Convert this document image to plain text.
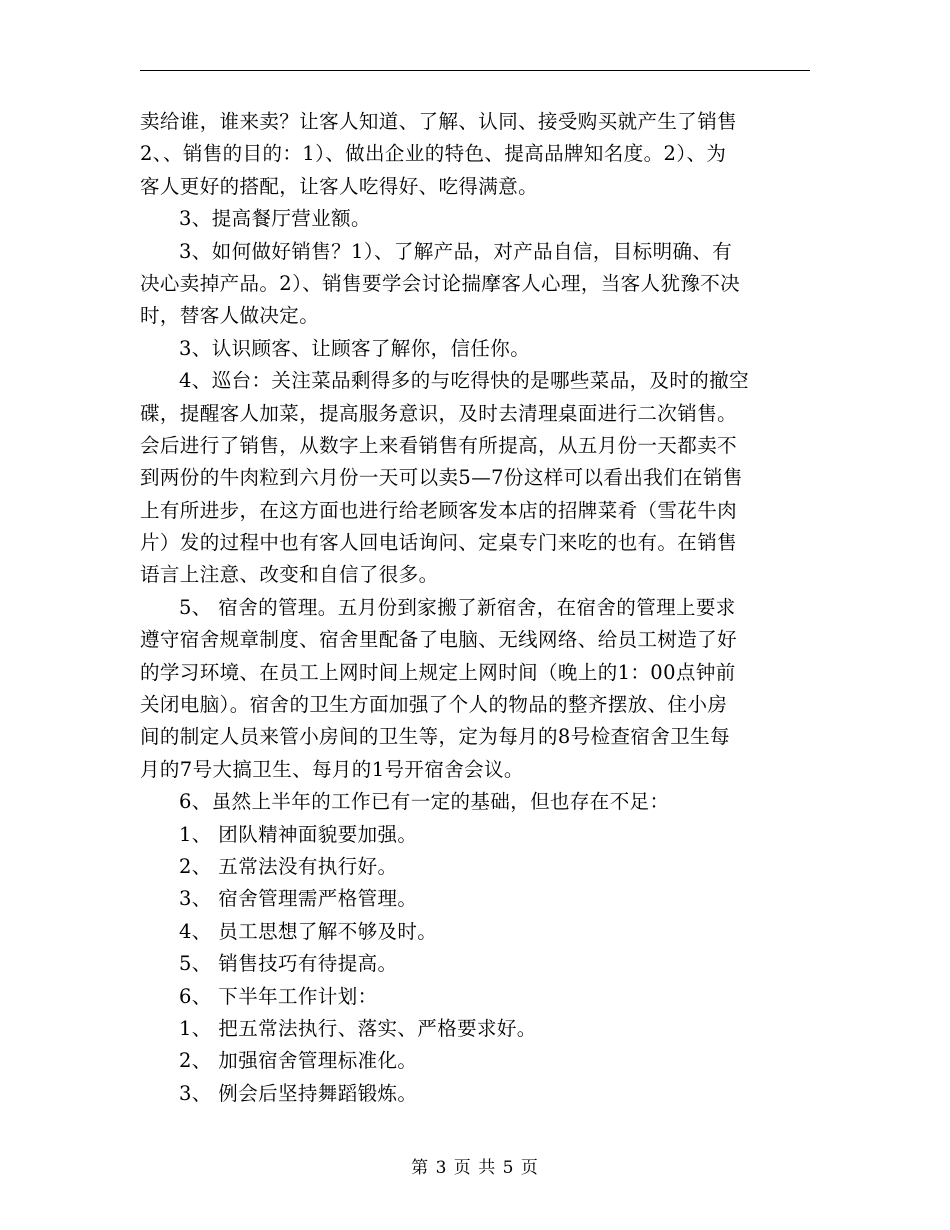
卖给谁，谁来卖？让客人知道、了解、认同、接受购买就产生了销售
2、、销售的目的：1）、做出企业的特色、提高品牌知名度。2）、为
客人更好的搭配，让客人吃得好、吃得满意。
3、提高餐厅营业额。
3、如何做好销售？1）、了解产品，对产品自信，目标明确、有
决心卖掉产品。2）、销售要学会讨论揣摩客人心理，当客人犹豫不决
时，替客人做决定。
3、认识顾客、让顾客了解你，信任你。
4、巡台：关注菜品剩得多的与吃得快的是哪些菜品，及时的撤空
碟，提醒客人加菜，提高服务意识，及时去清理桌面进行二次销售。
会后进行了销售，从数字上来看销售有所提高，从五月份一天都卖不
到两份的牛肉粒到六月份一天可以卖5—7份这样可以看出我们在销售
上有所进步，在这方面也进行给老顾客发本店的招牌菜肴（雪花牛肉
片）发的过程中也有客人回电话询问、定桌专门来吃的也有。在销售
语言上注意、改变和自信了很多。
5、 宿舍的管理。五月份到家搬了新宿舍，在宿舍的管理上要求
遵守宿舍规章制度、宿舍里配备了电脑、无线网络、给员工树造了好
的学习环境、在员工上网时间上规定上网时间（晚上的1：00点钟前
关闭电脑）。宿舍的卫生方面加强了个人的物品的整齐摆放、住小房
间的制定人员来管小房间的卫生等，定为每月的8号检查宿舍卫生每
月的7号大搞卫生、每月的1号开宿舍会议。
6、虽然上半年的工作已有一定的基础，但也存在不足：
1、 团队精神面貌要加强。
2、 五常法没有执行好。
3、 宿舍管理需严格管理。
4、 员工思想了解不够及时。
5、 销售技巧有待提高。
6、 下半年工作计划：
1、 把五常法执行、落实、严格要求好。
2、 加强宿舍管理标准化。
3、 例会后坚持舞蹈锻炼。
第 3 页 共 5 页
